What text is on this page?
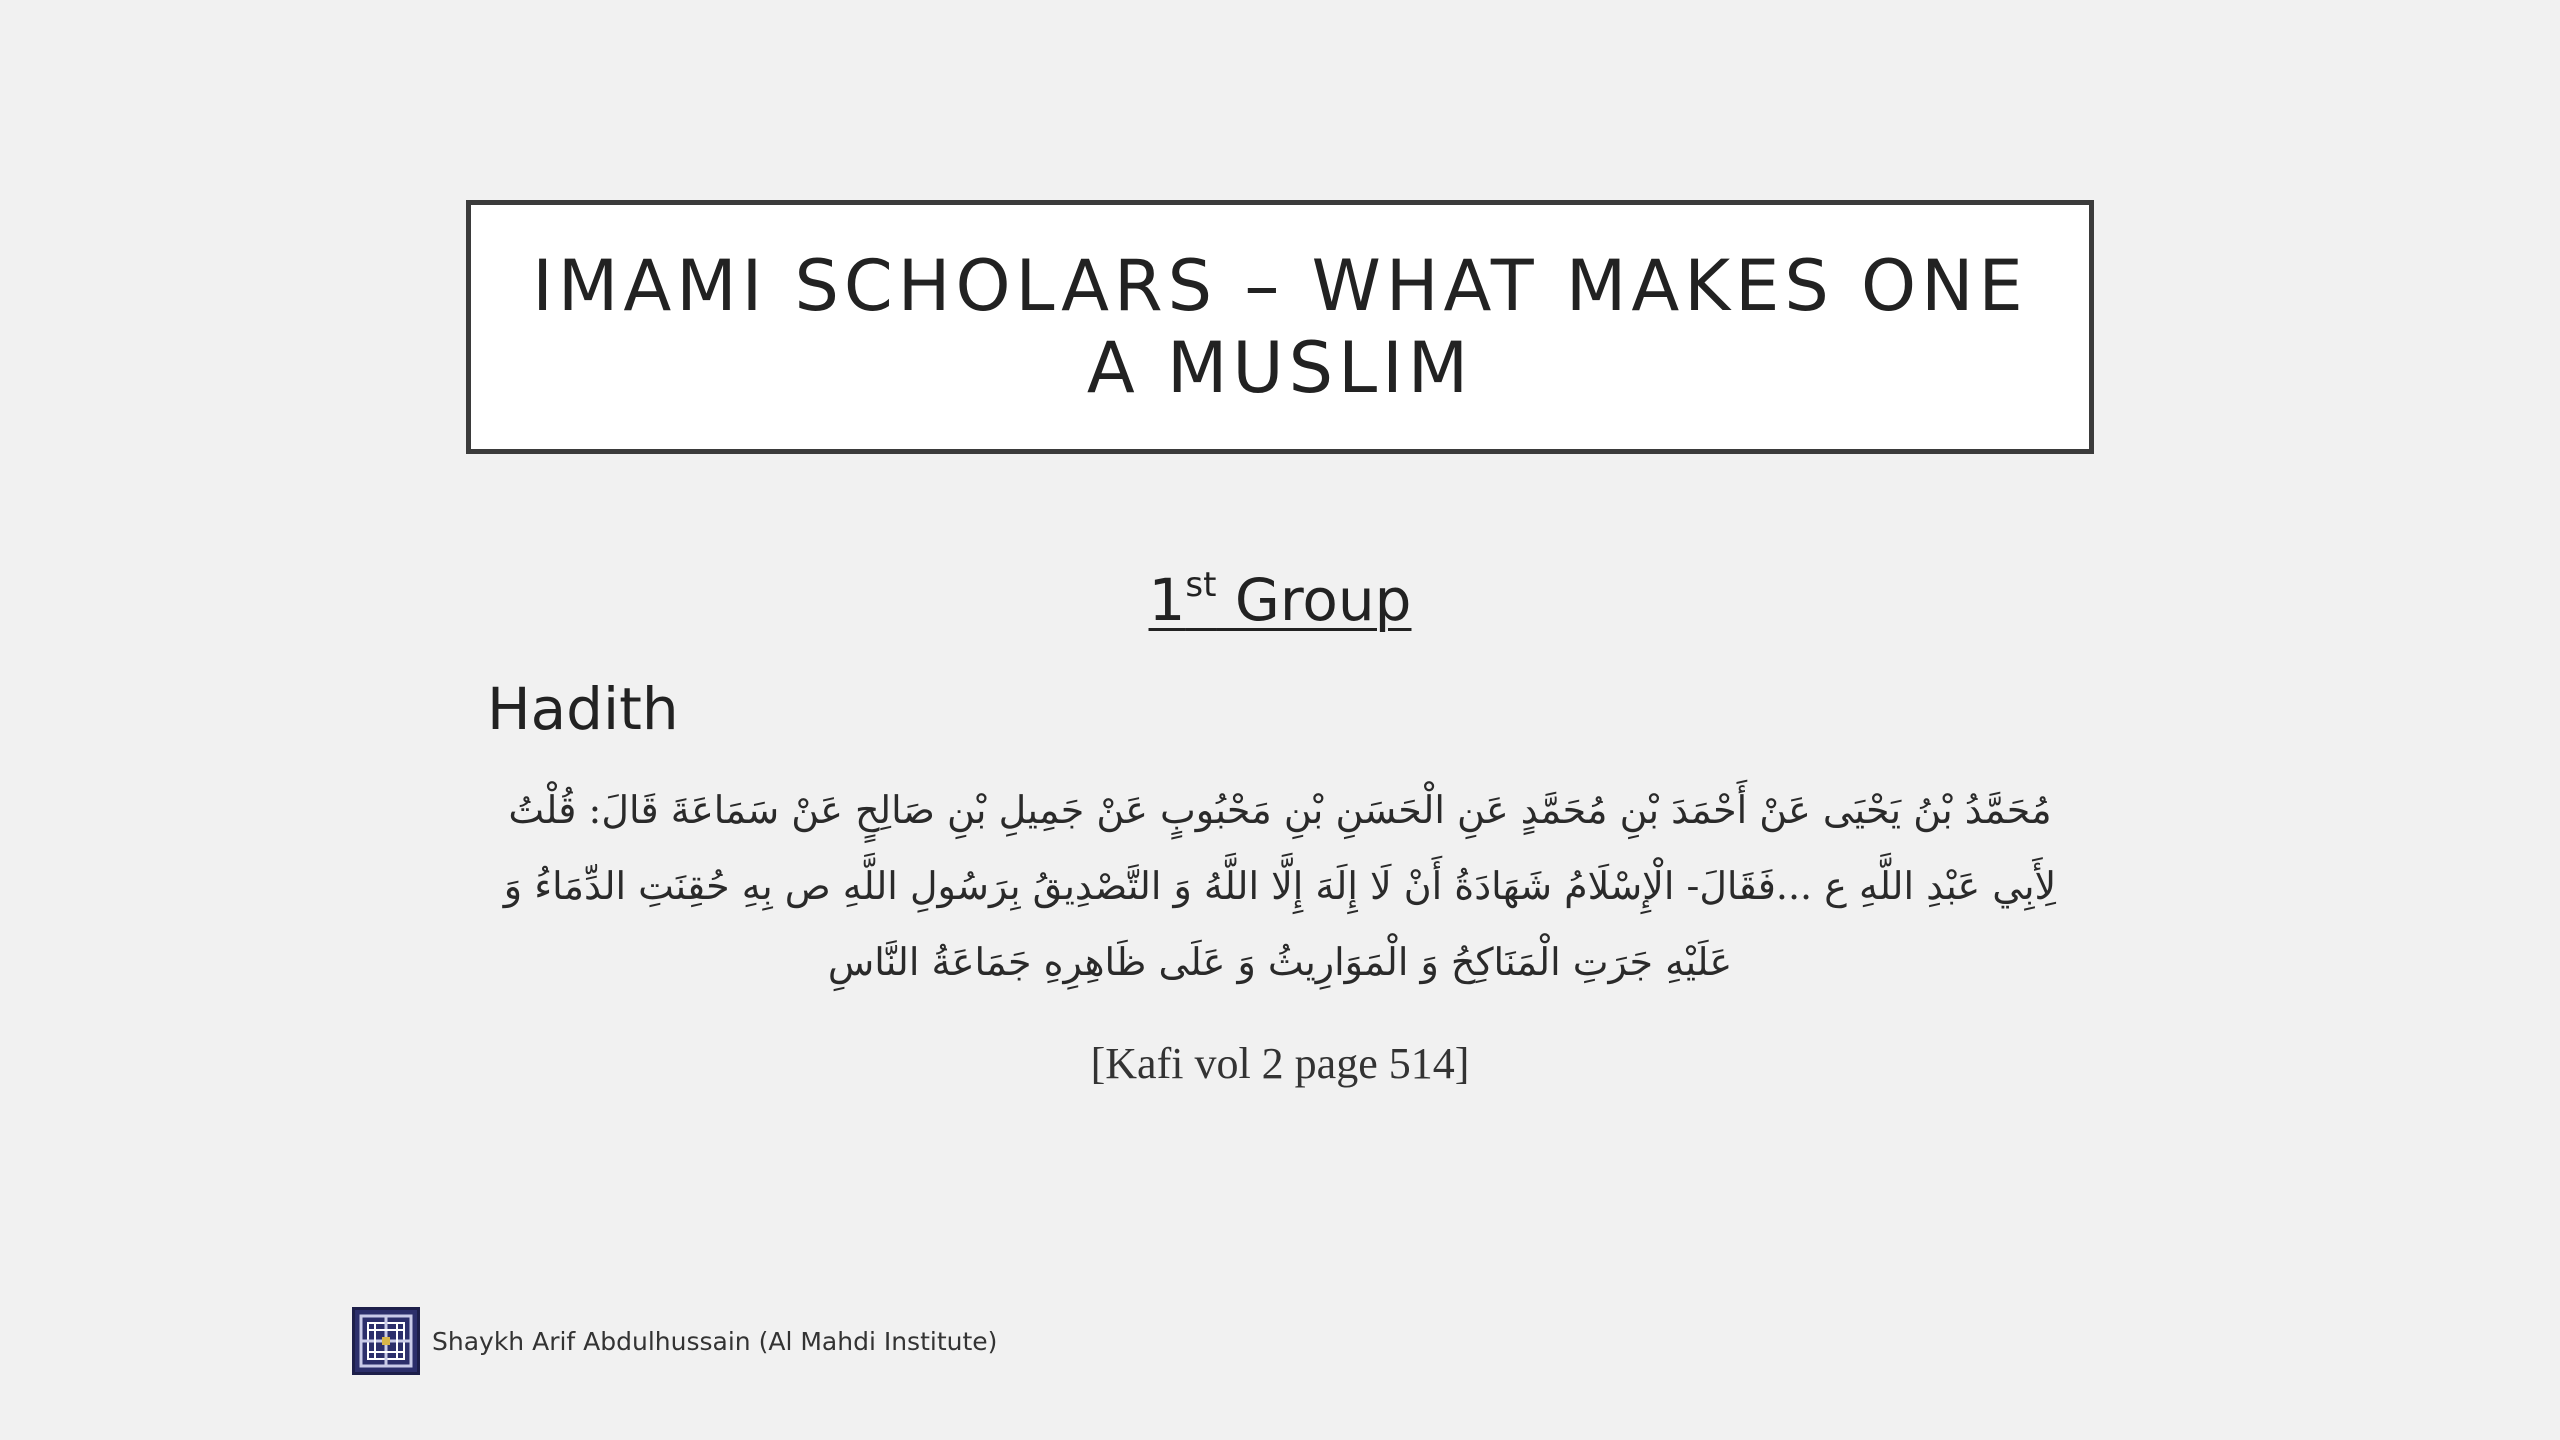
IMAMI SCHOLARS – WHAT MAKES ONE A MUSLIM
1st Group
Hadith
مُحَمَّدُ بْنُ يَحْيَى عَنْ أَحْمَدَ بْنِ مُحَمَّدٍ عَنِ الْحَسَنِ بْنِ مَحْبُوبٍ عَنْ جَمِيلِ بْنِ صَالِحٍ عَنْ سَمَاعَةَ قَالَ: قُلْتُ لِأَبِي عَبْدِ اللَّهِ ع ...فَقَالَ- الْإِسْلَامُ شَهَادَةُ أَنْ لَا إِلَهَ إِلَّا اللَّهُ وَ التَّصْدِيقُ بِرَسُولِ اللَّهِ ص بِهِ حُقِنَتِ الدِّمَاءُ وَ عَلَيْهِ جَرَتِ الْمَنَاكِحُ وَ الْمَوَارِيثُ وَ عَلَى ظَاهِرِهِ جَمَاعَةُ النَّاسِ
[Kafi vol 2 page 514]
Shaykh Arif Abdulhussain (Al Mahdi Institute)
